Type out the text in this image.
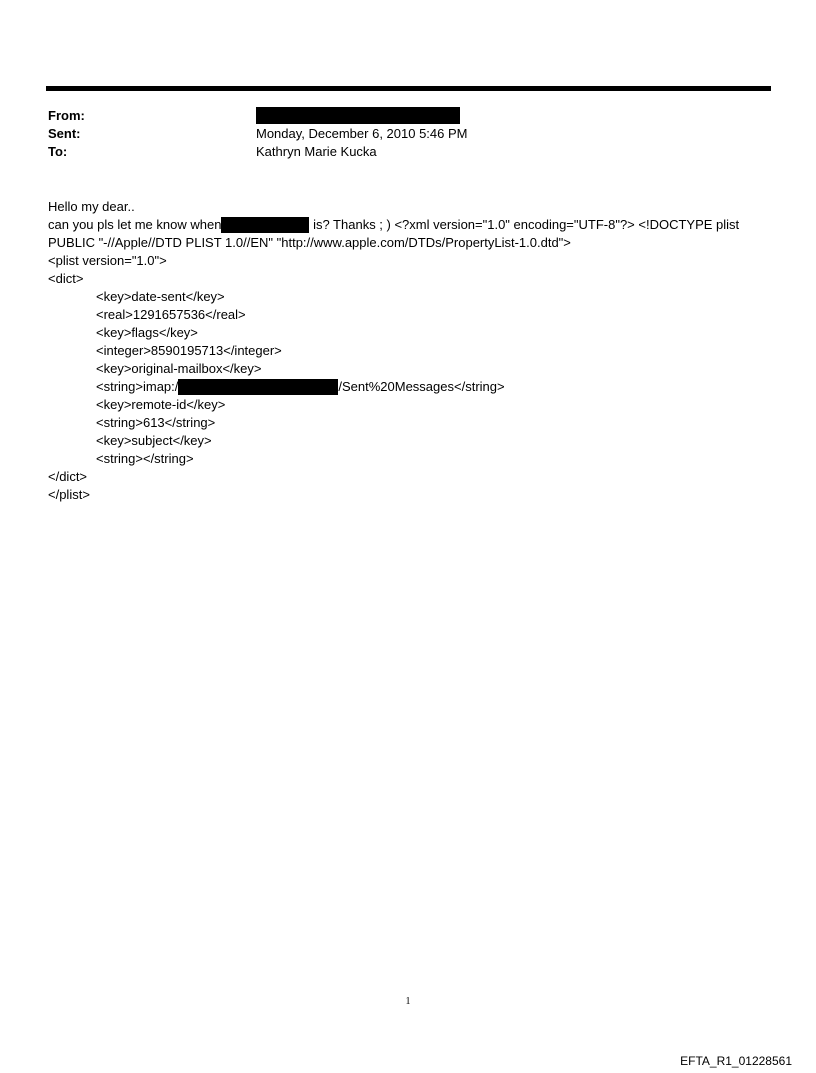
From:
Sent:	Monday, December 6, 2010 5:46 PM
To:	Kathryn Marie Kucka
Hello my dear..
can you pls let me know when	is? Thanks ; ) <?xml version="1.0" encoding="UTF-8"?> <!DOCTYPE plist
PUBLIC "-//Apple//DTD PLIST 1.0//EN" "http://www.apple.com/DTDs/PropertyList-1.0.dtd">
<plist version="1.0">
<dict>
<key>date-sent</key>
<real>1291657536</real>
<key>flags</key>
<integer>8590195713</integer>
<key>original-mailbox</key>
<string>imap:/	/Sent%20Messages</string>
<key>remote-id</key>
<string>613</string>
<key>subject</key>
<string></string>
</dict>
</plist>
1
EFTA_R1_01228561
